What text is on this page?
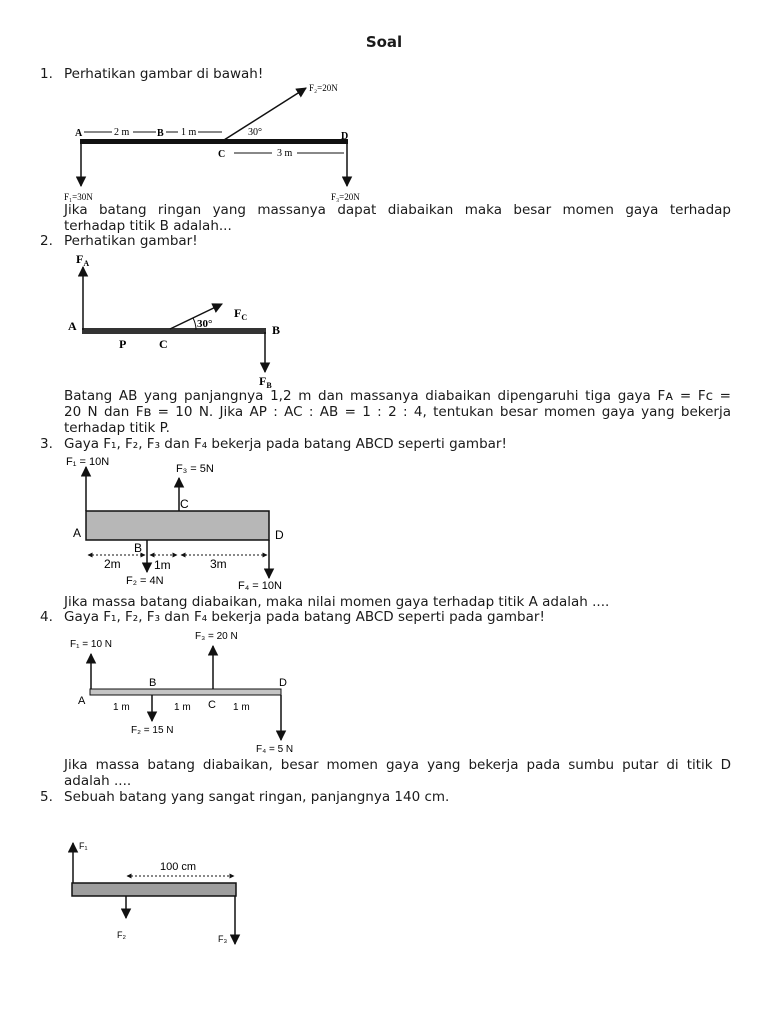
Soal
1. Perhatikan gambar di bawah!
A	2 m	B 1 m	30°	D
C	3 m
F₂=20N
F₁=30N	F₃=20N
Jika batang ringan yang massanya dapat diabaikan maka besar momen gaya terhadap
terhadap titik B adalah...
2. Perhatikan gambar!
$F_A$
$F_C$
$F_B$
A	B
P	C
30°
Batang AB yang panjangnya 1,2 m dan massanya diabaikan dipengaruhi tiga gaya Fᴀ = Fᴄ =
20 N dan Fʙ = 10 N. Jika AP : AC : AB = 1 : 2 : 4, tentukan besar momen gaya yang bekerja
terhadap titik P.
3. Gaya F₁, F₂, F₃ dan F₄ bekerja pada batang ABCD seperti gambar!
F₁ = 10N
F₃ = 5N
C
A	D
B
2m	1m	3m
F₂ = 4N	F₄ = 10N
Jika massa batang diabaikan, maka nilai momen gaya terhadap titik A adalah ....
4. Gaya F₁, F₂, F₃ dan F₄ bekerja pada batang ABCD seperti pada gambar!
F₁ = 10 N
F₃ = 20 N
B	D
A
1 m	1 m C 1 m
F₂ = 15 N
F₄ = 5 N
Jika massa batang diabaikan, besar momen gaya yang bekerja pada sumbu putar di titik D
adalah ....
5. Sebuah batang yang sangat ringan, panjangnya 140 cm.
F₁
100 cm
F₂	F₃
